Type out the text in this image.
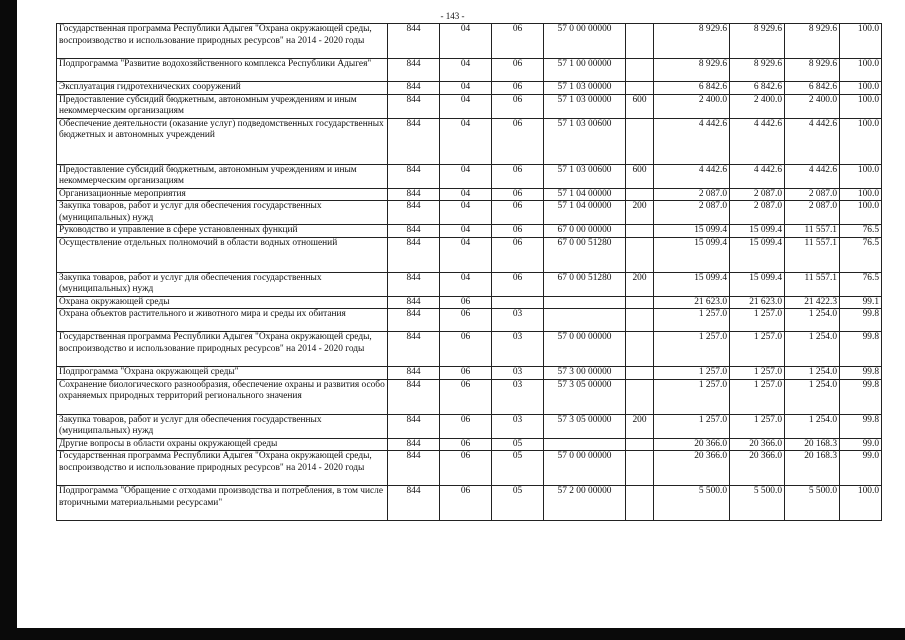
- 143 -
Государственная программа Республики Адыгея "Охрана окружающей среды, воспроизводство и использование природных ресурсов" на 2014 - 2020 годы	844	04	06	57 0 00 00000		8 929.6	8 929.6	8 929.6	100.0
Подпрограмма "Развитие водохозяйственного комплекса Республики Адыгея"	844	04	06	57 1 00 00000		8 929.6	8 929.6	8 929.6	100.0
Эксплуатация гидротехнических сооружений	844	04	06	57 1 03 00000		6 842.6	6 842.6	6 842.6	100.0
Предоставление субсидий бюджетным, автономным учреждениям и иным некоммерческим организациям	844	04	06	57 1 03 00000	600	2 400.0	2 400.0	2 400.0	100.0
Обеспечение деятельности (оказание услуг) подведомственных государственных бюджетных и автономных учреждений	844	04	06	57 1 03 00600		4 442.6	4 442.6	4 442.6	100.0
Предоставление субсидий бюджетным, автономным учреждениям и иным некоммерческим организациям	844	04	06	57 1 03 00600	600	4 442.6	4 442.6	4 442.6	100.0
Организационные мероприятия	844	04	06	57 1 04 00000		2 087.0	2 087.0	2 087.0	100.0
Закупка товаров, работ и услуг для обеспечения государственных (муниципальных) нужд	844	04	06	57 1 04 00000	200	2 087.0	2 087.0	2 087.0	100.0
Руководство и управление в сфере установленных функций	844	04	06	67 0 00 00000		15 099.4	15 099.4	11 557.1	76.5
Осуществление отдельных полномочий в области водных отношений	844	04	06	67 0 00 51280		15 099.4	15 099.4	11 557.1	76.5
Закупка товаров, работ и услуг для обеспечения государственных (муниципальных) нужд	844	04	06	67 0 00 51280	200	15 099.4	15 099.4	11 557.1	76.5
Охрана окружающей среды	844	06				21 623.0	21 623.0	21 422.3	99.1
Охрана объектов растительного и животного мира и среды их обитания	844	06	03			1 257.0	1 257.0	1 254.0	99.8
Государственная программа Республики Адыгея "Охрана окружающей среды, воспроизводство и использование природных ресурсов" на 2014 - 2020 годы	844	06	03	57 0 00 00000		1 257.0	1 257.0	1 254.0	99.8
Подпрограмма "Охрана окружающей среды"	844	06	03	57 3 00 00000		1 257.0	1 257.0	1 254.0	99.8
Сохранение биологического разнообразия, обеспечение охраны и развития особо охраняемых природных территорий регионального значения	844	06	03	57 3 05 00000		1 257.0	1 257.0	1 254.0	99.8
Закупка товаров, работ и услуг для обеспечения государственных (муниципальных) нужд	844	06	03	57 3 05 00000	200	1 257.0	1 257.0	1 254.0	99.8
Другие вопросы в области охраны окружающей среды	844	06	05			20 366.0	20 366.0	20 168.3	99.0
Государственная программа Республики Адыгея "Охрана окружающей среды, воспроизводство и использование природных ресурсов" на 2014 - 2020 годы	844	06	05	57 0 00 00000		20 366.0	20 366.0	20 168.3	99.0
Подпрограмма "Обращение с отходами производства и потребления, в том числе вторичными материальными ресурсами"	844	06	05	57 2 00 00000		5 500.0	5 500.0	5 500.0	100.0
